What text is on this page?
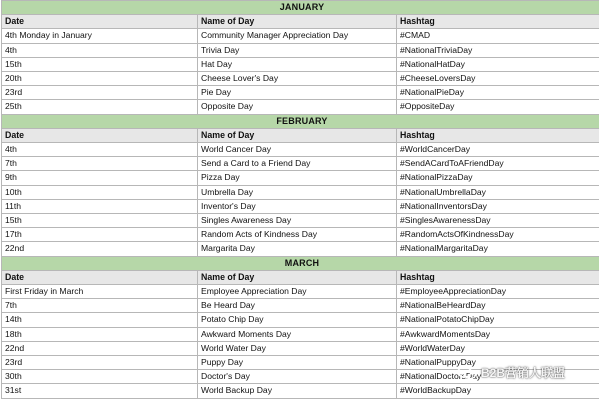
JANUARY		
Date	Name of Day	Hashtag
4th Monday in January	Community Manager Appreciation Day	#CMAD
4th	Trivia Day	#NationalTriviaDay
15th	Hat Day	#NationalHatDay
20th	Cheese Lover's Day	#CheeseLoversDay
23rd	Pie Day	#NationalPieDay
25th	Opposite Day	#OppositeDay
FEBRUARY		
Date	Name of Day	Hashtag
4th	World Cancer Day	#WorldCancerDay
7th	Send a Card to a Friend Day	#SendACardToAFriendDay
9th	Pizza Day	#NationalPizzaDay
10th	Umbrella Day	#NationalUmbrellaDay
11th	Inventor's Day	#NationalInventorsDay
15th	Singles Awareness Day	#SinglesAwarenessDay
17th	Random Acts of Kindness Day	#RandomActsOfKindnessDay
22nd	Margarita Day	#NationalMargaritaDay
MARCH		
Date	Name of Day	Hashtag
First Friday in March	Employee Appreciation Day	#EmployeeAppreciationDay
7th	Be Heard Day	#NationalBeHeardDay
14th	Potato Chip Day	#NationalPotatoChipDay
18th	Awkward Moments Day	#AwkwardMomentsDay
22nd	World Water Day	#WorldWaterDay
23rd	Puppy Day	#NationalPuppyDay
30th	Doctor's Day	#NationalDoctorsDay
31st	World Backup Day	#WorldBackupDay
B2B营销人联盟
